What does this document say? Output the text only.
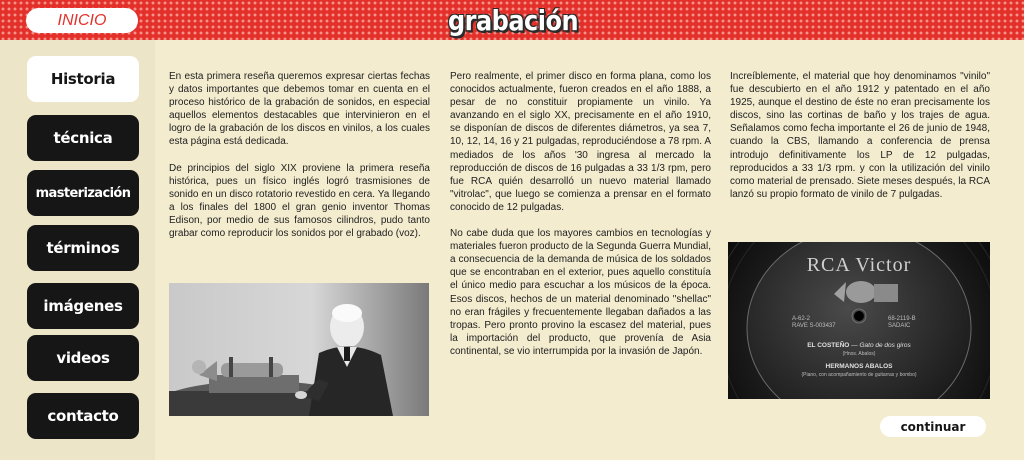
INICIO	grabación
Historia
técnica
masterización
términos
imágenes
videos
contacto

En esta primera reseña queremos expresar ciertas fechas y datos importantes que debemos tomar en cuenta en el proceso histórico de la grabación de sonidos, en especial aquellos elementos destacables que intervinieron en el logro de la grabación de los discos en vinilos, a los cuales esta página está dedicada.

De principios del siglo XIX proviene la primera reseña histórica, pues un físico inglés logró trasmisiones de sonido en un disco rotatorio revestido en cera. Ya llegando a los finales del 1800 el gran genio inventor Thomas Edison, por medio de sus famosos cilindros, pudo tanto grabar como reproducir los sonidos por el grabado (voz).

Pero realmente, el primer disco en forma plana, como los conocidos actualmente, fueron creados en el año 1888, a pesar de no constituir propiamente un vinilo. Ya avanzando en el siglo XX, precisamente en el año 1910, se disponían de discos de diferentes diámetros, ya sea 7, 10, 12, 14, 16 y 21 pulgadas, reproduciéndose a 78 rpm. A mediados de los años '30 ingresa al mercado la reproducción de discos de 16 pulgadas a 33 1/3 rpm, pero fue RCA quién desarrolló un nuevo material llamado "vitrolac", que luego se comienza a prensar en el formato conocido de 12 pulgadas.

No cabe duda que los mayores cambios en tecnologías y materiales fueron producto de la Segunda Guerra Mundial, a consecuencia de la demanda de música de los soldados que se encontraban en el exterior, pues aquello constituía el único medio para escuchar a los músicos de la época. Esos discos, hechos de un material denominado "shellac" no eran frágiles y frecuentemente llegaban dañados a las tropas. Pero pronto provino la escasez del material, pues la importación del producto, que provenía de Asia continental, se vio interrumpida por la invasión de Japón.

Increíblemente, el material que hoy denominamos "vinilo" fue descubierto en el año 1912 y patentado en el año 1925, aunque el destino de éste no eran precisamente los discos, sino las cortinas de baño y los trajes de agua. Señalamos como fecha importante el 26 de junio de 1948, cuando la CBS, llamando a conferencia de prensa introdujo definitivamente los LP de 12 pulgadas, reproducidos a 33 1/3 rpm. y con la utilización del vinilo como material de prensado. Siete meses después, la RCA lanzó su propio formato de vinilo de 7 pulgadas.

RCA Victor
A-62-2
RAVE S-003437
68-2119-B
SADAIC
EL COSTEÑO — Gato de dos giros
(Hnos. Abalos)
HERMANOS ABALOS
(Piano, con acompañamiento de guitarras y bombo)
continuar
